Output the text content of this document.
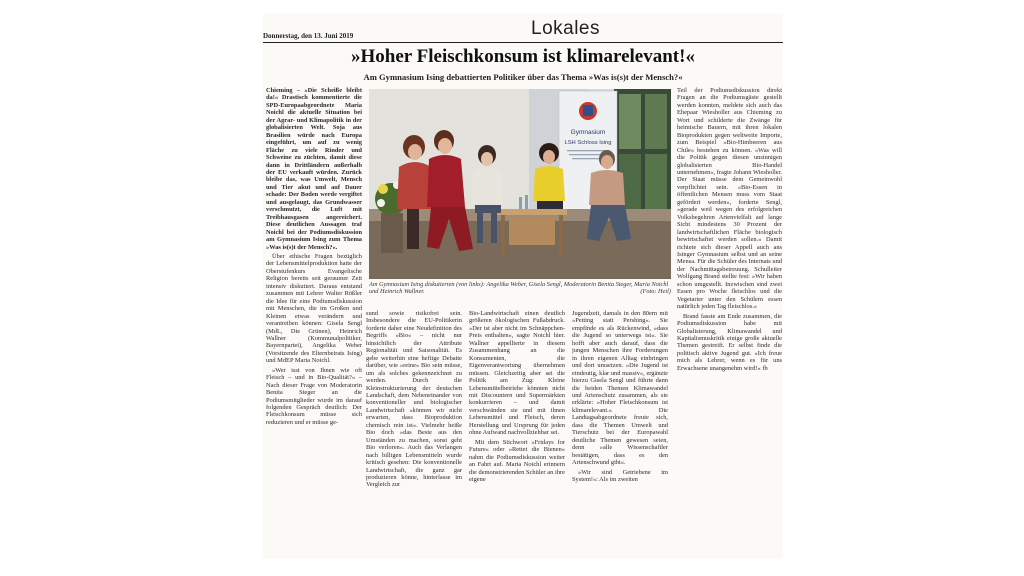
Donnerstag, den 13. Juni 2019	Lokales
»Hoher Fleischkonsum ist klimarelevant!«
Am Gymnasium Ising debattierten Politiker über das Thema »Was is(s)t der Mensch?«

Chieming – »Die Scheiße bleibt da!« Drastisch kommentierte die SPD-Europaabgeordnete Maria Noichl die aktuelle Situation bei der Agrar- und Klimapolitik in der globalisierten Welt. Soja aus Brasilien würde nach Europa eingeführt, um auf zu wenig Fläche zu viele Rinder und Schweine zu züchten, damit diese dann in Drittländern außerhalb der EU verkauft würden. Zurück bleibe das, was Umwelt, Mensch und Tier akut und auf Dauer schade: Der Boden werde vergiftet und ausgelaugt, das Grundwasser verschmutzt, die Luft mit Treibhausgasen angereichert. Diese deutlichen Aussagen traf Noichl bei der Podiumsdiskussion am Gymnasium Ising zum Thema »Was is(s)t der Mensch?«.

Über ethische Fragen bezüglich der Lebensmittelproduktion hatte der Oberstufenkurs Evangelische Religion bereits seit geraumer Zeit intensiv diskutiert. Daraus entstand zusammen mit Lehrer Walter Rößler die Idee für eine Podiumsdiskussion mit Menschen, die im Großen und Kleinen etwas verändern und verantreiben können: Gisela Sengl (MdL, Die Grünen), Heinrich Wallner (Kommunalpolitiker, Bayernpartei), Angelika Weber (Vorsitzende des Elternbeirats Ising) und MdEP Maria Noichl.

»Wer isst von Ihnen wie oft Fleisch – und in Bio-Qualität?« – Nach dieser Frage von Moderatorin Benita Steger an die Podiumsmitglieder wurde im darauf folgenden Gespräch deutlich: Der Fleischkonsum müsse sich reduzieren und er müsse ge-

Gymnasium
LSH Schloss Ising
Am Gymnasium Ising diskutierten (von links): Angelika Weber, Gisela Sengl, Moderatorin Benita Steger, Maria Noichl und Heinrich Wallner.	(Foto: Heil)

sund sowie risikofrei sein. Insbesondere die EU-Politikerin forderte daher eine Neudefinition des Begriffs »Bio« – nicht nur hinsichtlich der Attribute Regionalität und Saisonalität. Es gebe weiterhin eine heftige Debatte darüber, wie »reine« Bio sein müsse, um als solches gekennzeichnet zu werden. Durch die Kleinstrukturierung der deutschen Landschaft, dem Nebeneinander von konventioneller und biologischer Landwirtschaft »können wir nicht erwarten, dass Bioproduktion chemisch rein ist«. Vielmehr heiße Bio doch »das Beste aus den Umständen zu machen, sonst geht Bio verloren«. Auch das Verlangen nach billigen Lebensmitteln wurde kritisch gesehen: Die konventionelle Landwirtschaft, die ganz gar produzieren könne, hinterlasse im Vergleich zur

Bio-Landwirtschaft einen deutlich größeren ökologischen Fußabdruck. »Der ist aber nicht im Schnäppchen-Preis enthalten«, sagte Noichl hier. Wallner appellierte in diesem Zusammenhang an die Konsumenten, die Eigenverantwortung übernehmen müssen. Gleichzeitig aber sei die Politik am Zug: Kleine Lebensmittelbetriebe könnten nicht mit Discountern und Supermärkten konkurrieren – und damit verschwänden sie und mit ihnen Lebensmittel und Fleisch, deren Herstellung und Ursprung für jeden ohne Aufwand nachvollziehbar sei.

Mit dem Stichwort »Fridays for Future« oder »Rettet die Bienen« nahm die Podiumsdiskussion weiter an Fahrt auf. Maria Noichl erinnern die demonstrierenden Schüler an ihre eigene

Jugendzeit, damals in den 80ern mit »Petting statt Pershing«. Sie empfinde es als Rückenwind, »dass die Jugend so unterwegs ist«. Sie hofft aber auch darauf, dass die jungen Menschen ihre Forderungen in ihren eigenen Alltag einbringen und dort umsetzen. »Die Jugend ist eindeutig, klar und massiv«, ergänzte hierzu Gisela Sengl und führte dann die beiden Themen Klimawandel und Artenschutz zusammen, als sie erklärte: »Hoher Fleischkonsum ist klimarelevant.« Die Landtagsabgeordnete freute sich, dass die Themen Umwelt und Tierschutz bei der Europawahl deutliche Themen gewesen seien, denn »alle Wissenschaftler bestätigen, dass es den Artenschwund gibt«.

»Wir sind Getriebene im System!«: Als im zweiten

Teil der Podiumsdiskussion direkt Fragen an die Podiumsgäste gestellt werden konnten, meldete sich auch das Ehepaar Wiesholler aus Chieming zu Wort und schilderte die Zwänge für heimische Bauern, mit ihren lokalen Bioprodukten gegen weltweite Importe, zum Beispiel »Bio-Himbeeren aus Chile« bestehen zu können. »Was will die Politik gegen diesen unsinnigen globalisierten Bio-Handel unternehmen«, fragte Johann Wiesholler. Der Staat müsse dem Gemeinwohl verpflichtet sein. »Bio-Essen in öffentlichen Mensen muss vom Staat gefördert werden«, forderte Sengl, »gerade weil wegen des erfolgreichen Volksbegehren Artenvielfalt auf lange Sicht mindestens 30 Prozent der landwirtschaftlichen Fläche biologisch bewirtschaftet werden sollen.« Damit richtete sich dieser Appell auch ans Isinger Gymnasium selbst und an seine Mensa. Für die Schüler des Internats und der Nachmittagsbetreuung. Schulleiter Wolfgang Brand stellte fest: »Wir haben schon umgestellt. Inzwischen sind zwei Essen pro Woche fleischlos und die Vegetarier unter den Schülern essen natürlich jeden Tag fleischlos.«

Brand fasste am Ende zusammen, die Podiumsdiskussion habe mit Globalisierung, Klimawandel und Kapitalismuskritik einige große aktuelle Themen gestreift. Er selbst finde die politisch aktive Jugend gut. »Ich freue mich als Lehrer, wenn es für uns Erwachsene unangenehm wird!« fb
